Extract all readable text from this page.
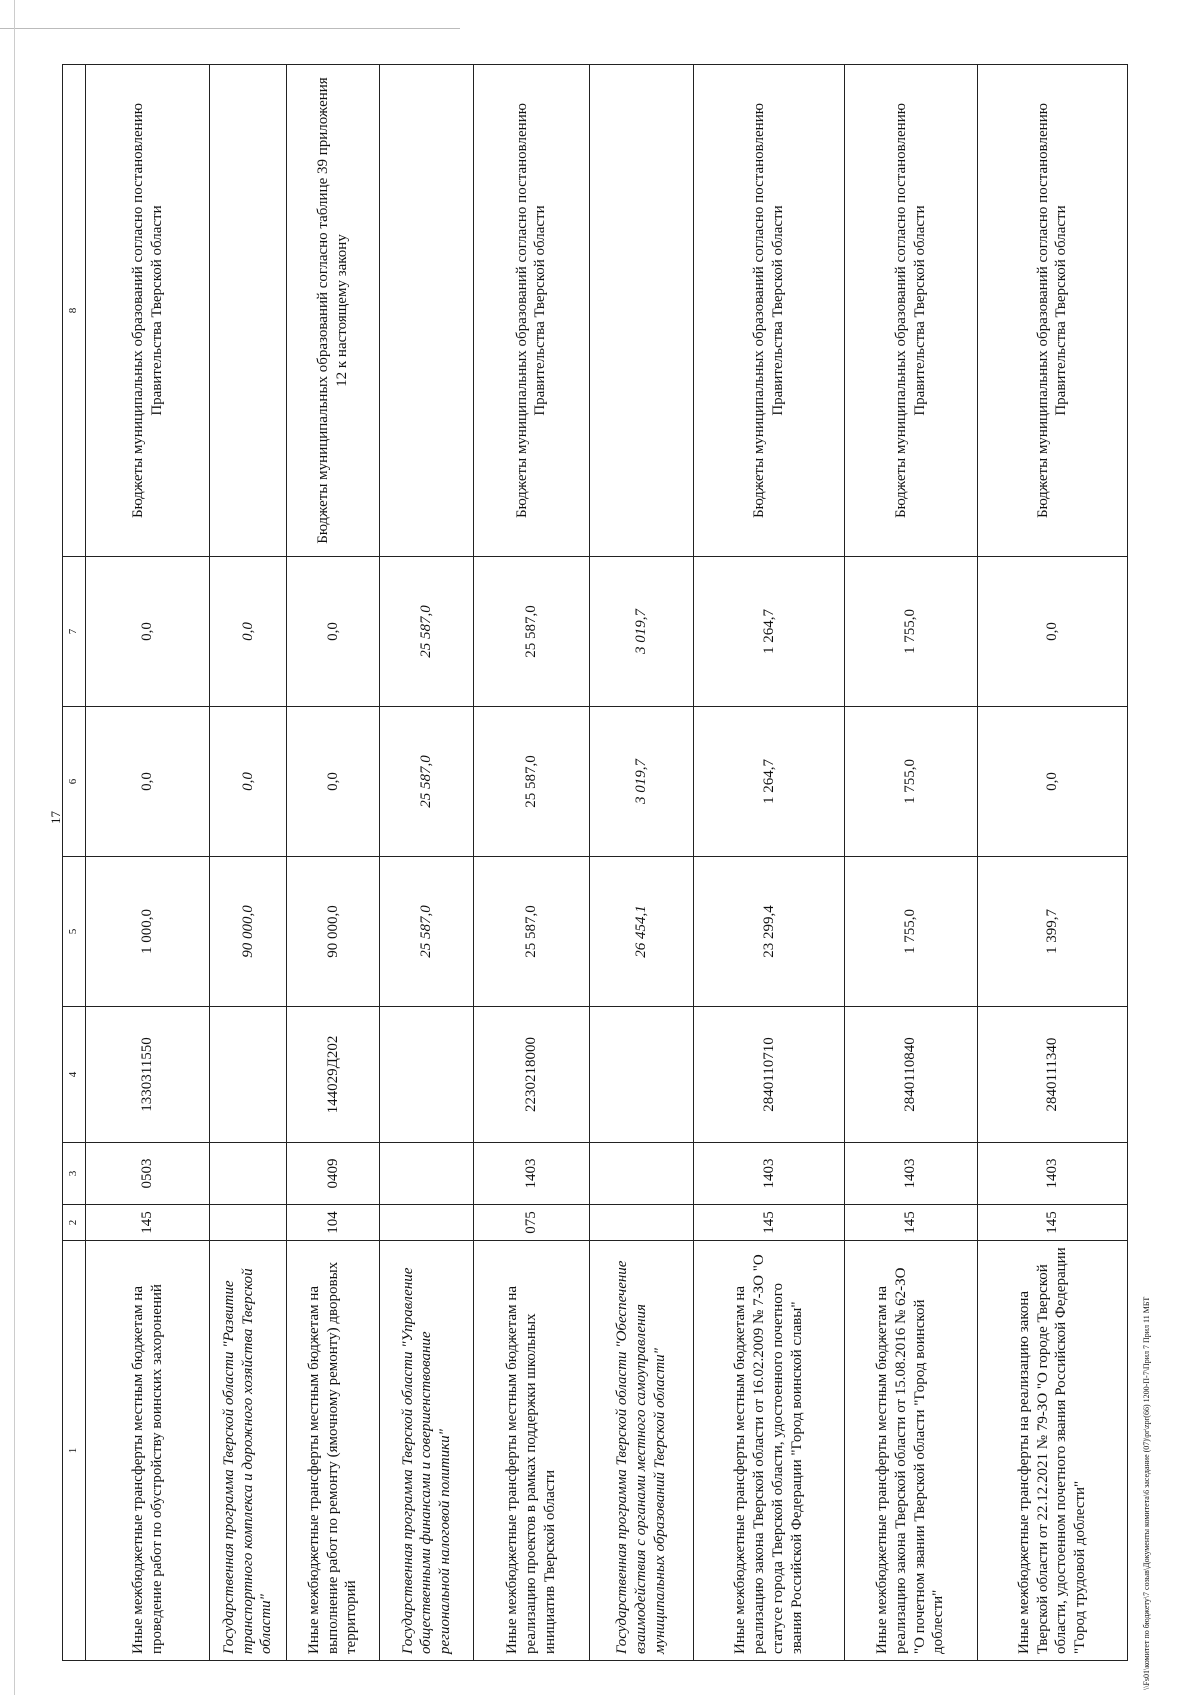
17
\\Fs01\комитет по бюджету\7 созыв\Документы комитета\6 заседание (07)\pr\zpr(66) 1200-П-7\Прил 7 Прил 11 МБТ
1	2	3	4	5	6	7	8
Иные межбюджетные трансферты местным бюджетам на проведение работ по обустройству воинских захоронений	145	0503	1330311550	1 000,0	0,0	0,0	Бюджеты муниципальных образований согласно постановлению Правительства Тверской области
Государственная программа Тверской области "Развитие транспортного комплекса и дорожного хозяйства Тверской области"				90 000,0	0,0	0,0	
Иные межбюджетные трансферты местным бюджетам на выполнение работ по ремонту (ямочному ремонту) дворовых территорий	104	0409	144029Д202	90 000,0	0,0	0,0	Бюджеты муниципальных образований согласно таблице 39 приложения 12 к настоящему закону
Государственная программа Тверской области "Управление общественными финансами и совершенствование региональной налоговой политики"				25 587,0	25 587,0	25 587,0	
Иные межбюджетные трансферты местным бюджетам на реализацию проектов в рамках поддержки школьных инициатив Тверской области	075	1403	2230218000	25 587,0	25 587,0	25 587,0	Бюджеты муниципальных образований согласно постановлению Правительства Тверской области
Государственная программа Тверской области "Обеспечение взаимодействия с органами местного самоуправления муниципальных образований Тверской области"				26 454,1	3 019,7	3 019,7	
Иные межбюджетные трансферты местным бюджетам на реализацию закона Тверской области от 16.02.2009 № 7-ЗО "О статусе города Тверской области, удостоенного почетного звания Российской Федерации "Город воинской славы"	145	1403	2840110710	23 299,4	1 264,7	1 264,7	Бюджеты муниципальных образований согласно постановлению Правительства Тверской области
Иные межбюджетные трансферты местным бюджетам на реализацию закона Тверской области от 15.08.2016 № 62-ЗО "О почетном звании Тверской области "Город воинской доблести"	145	1403	2840110840	1 755,0	1 755,0	1 755,0	Бюджеты муниципальных образований согласно постановлению Правительства Тверской области
Иные межбюджетные трансферты на реализацию закона Тверской области от 22.12.2021 № 79-ЗО "О городе Тверской области, удостоенном почетного звания Российской Федерации "Город трудовой доблести"	145	1403	2840111340	1 399,7	0,0	0,0	Бюджеты муниципальных образований согласно постановлению Правительства Тверской области
